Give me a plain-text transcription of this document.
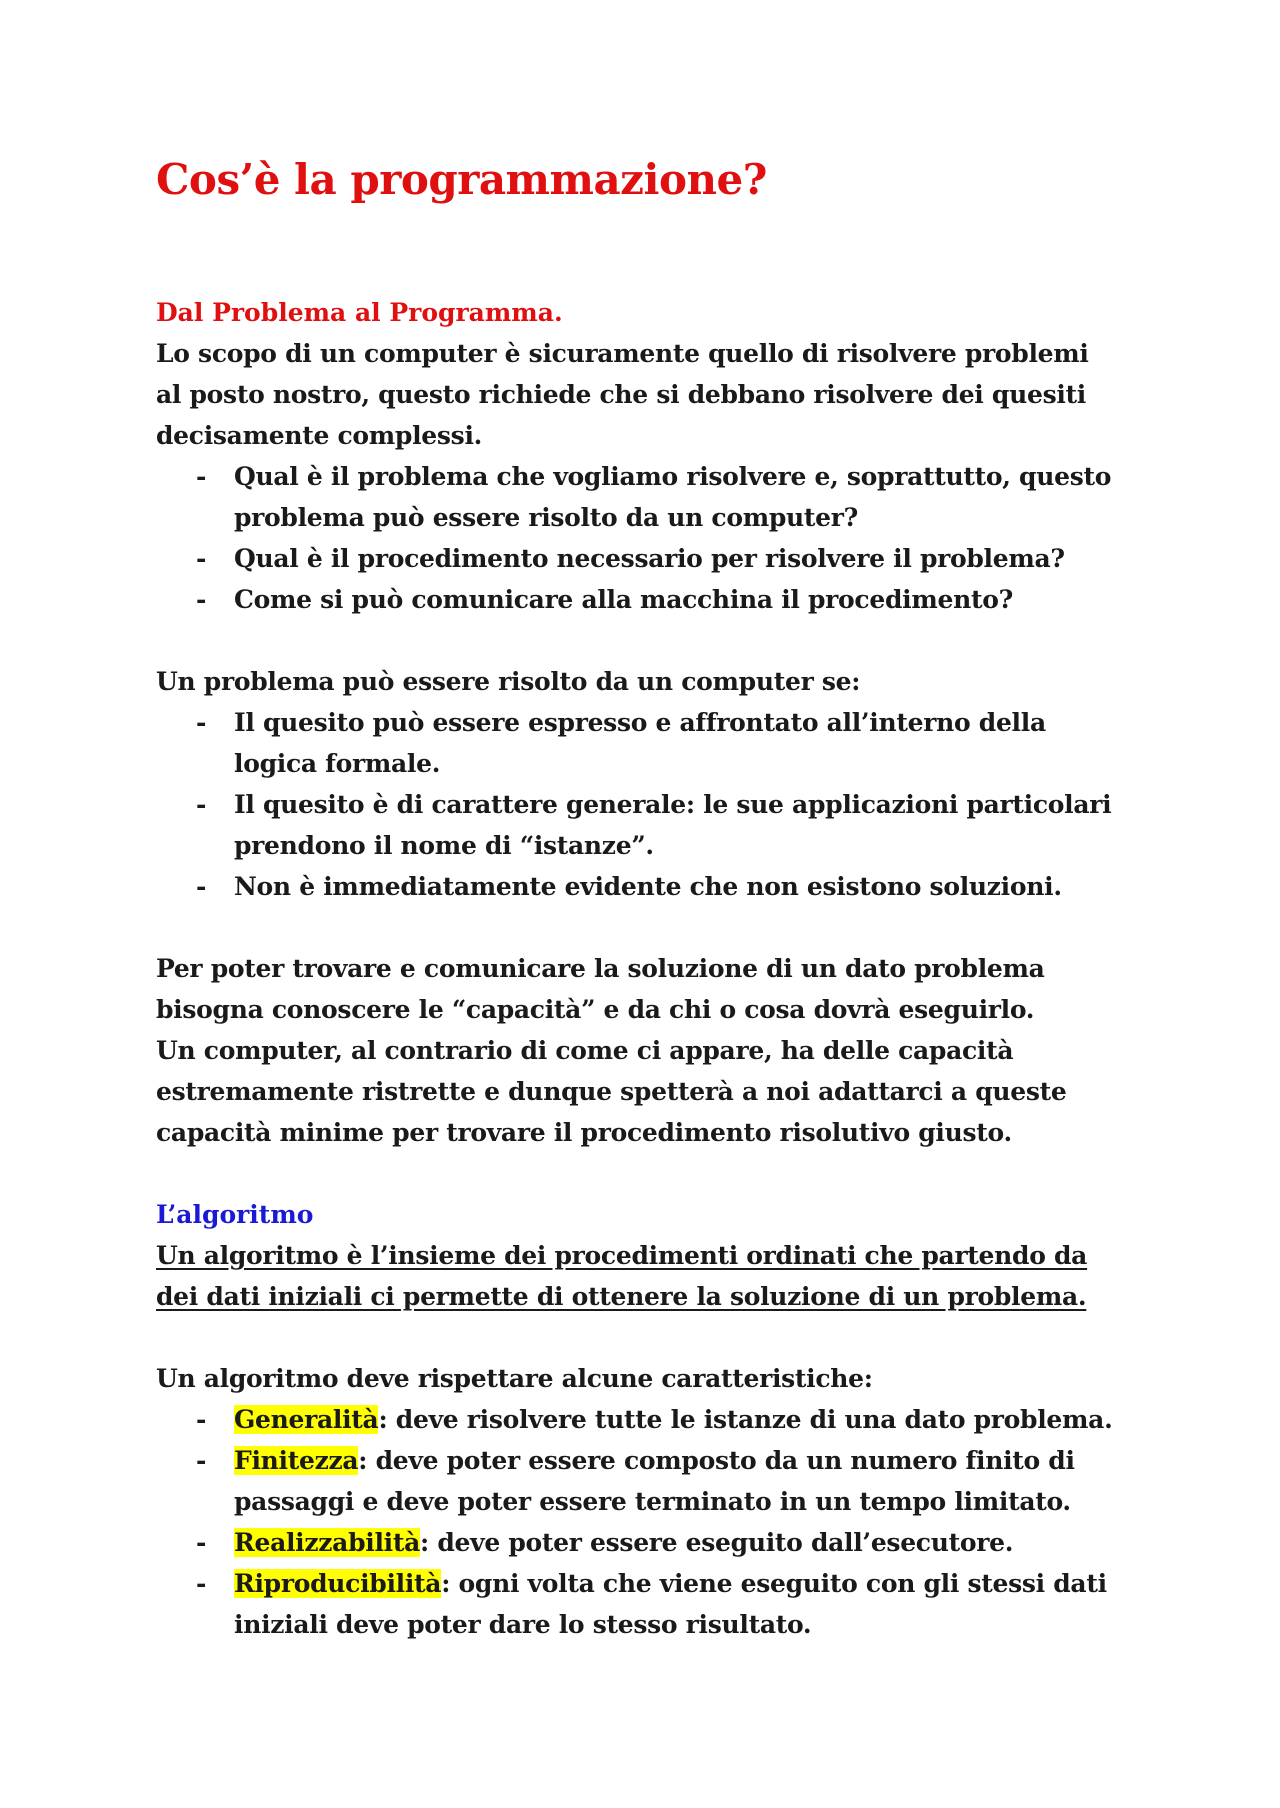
Cos’è la programmazione?
Dal Problema al Programma.

Lo scopo di un computer è sicuramente quello di risolvere problemi

al posto nostro, questo richiede che si debbano risolvere dei quesiti

decisamente complessi.

- Qual è il problema che vogliamo risolvere e, soprattutto, questo
problema può essere risolto da un computer?
- Qual è il procedimento necessario per risolvere il problema?
- Come si può comunicare alla macchina il procedimento?

Un problema può essere risolto da un computer se:

- Il quesito può essere espresso e affrontato all’interno della
logica formale.
- Il quesito è di carattere generale: le sue applicazioni particolari
prendono il nome di “istanze”.
- Non è immediatamente evidente che non esistono soluzioni.

Per poter trovare e comunicare la soluzione di un dato problema

bisogna conoscere le “capacità” e da chi o cosa dovrà eseguirlo.

Un computer, al contrario di come ci appare, ha delle capacità

estremamente ristrette e dunque spetterà a noi adattarci a queste

capacità minime per trovare il procedimento risolutivo giusto.

L’algoritmo

Un algoritmo è l’insieme dei procedimenti ordinati che partendo da

dei dati iniziali ci permette di ottenere la soluzione di un problema.

Un algoritmo deve rispettare alcune caratteristiche:

- Generalità: deve risolvere tutte le istanze di una dato problema.
- Finitezza: deve poter essere composto da un numero finito di
passaggi e deve poter essere terminato in un tempo limitato.
- Realizzabilità: deve poter essere eseguito dall’esecutore.
- Riproducibilità: ogni volta che viene eseguito con gli stessi dati
iniziali deve poter dare lo stesso risultato.
